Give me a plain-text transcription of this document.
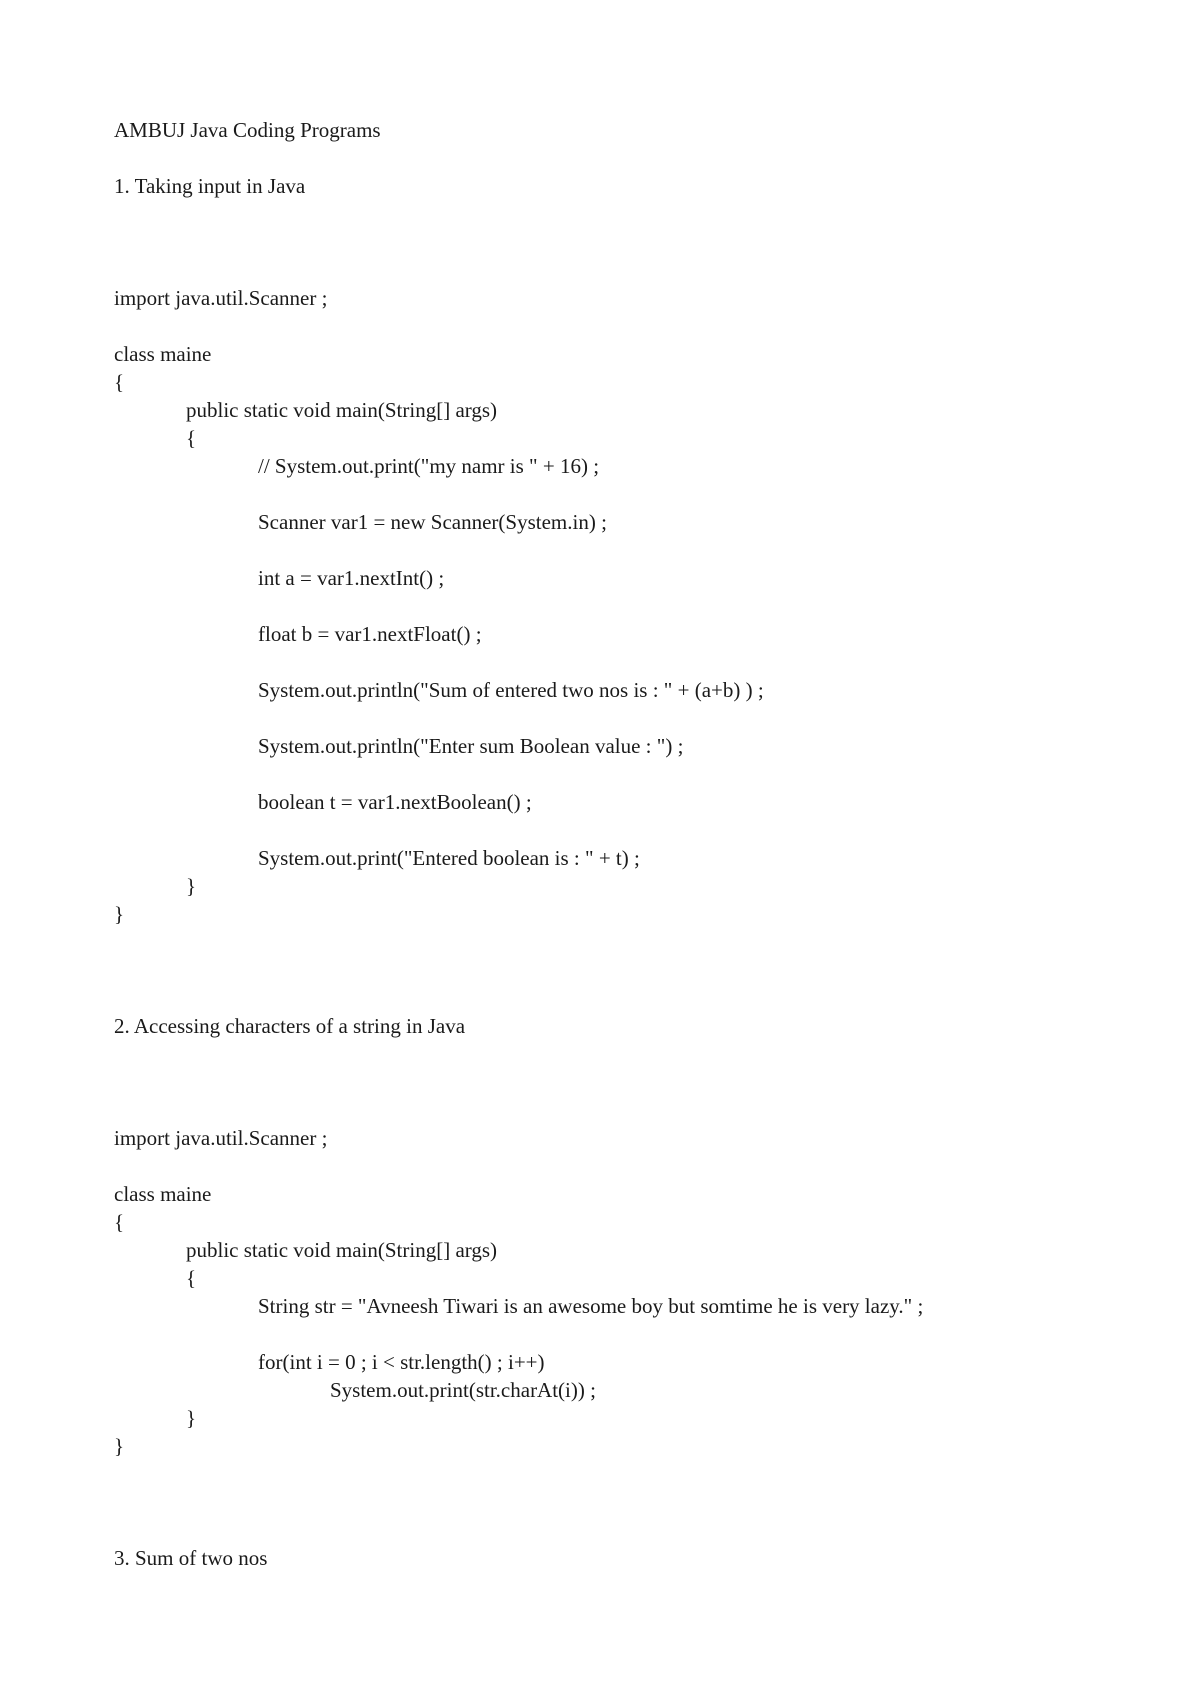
AMBUJ Java Coding Programs

1. Taking input in Java

import java.util.Scanner ;

class maine

{

public static void main(String[] args)

{

// System.out.print("my namr is " + 16) ;

Scanner var1 = new Scanner(System.in) ;

int a = var1.nextInt() ;

float b = var1.nextFloat() ;

System.out.println("Sum of entered two nos is : " + (a+b) ) ;

System.out.println("Enter sum Boolean value : ") ;

boolean t = var1.nextBoolean() ;

System.out.print("Entered boolean is : " + t) ;

}

}

2. Accessing characters of a string in Java

import java.util.Scanner ;

class maine

{

public static void main(String[] args)

{

String str = "Avneesh Tiwari is an awesome boy but somtime he is very lazy." ;

for(int i = 0 ; i < str.length() ; i++)

System.out.print(str.charAt(i)) ;

}

}

3. Sum of two nos
